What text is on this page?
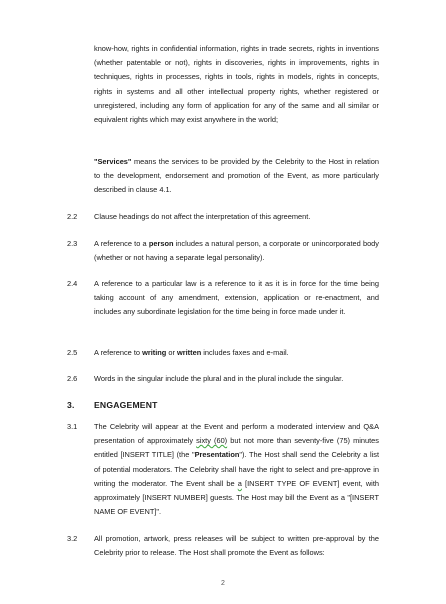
know-how, rights in confidential information, rights in trade secrets, rights in inventions (whether patentable or not), rights in discoveries, rights in improvements, rights in techniques, rights in processes, rights in tools, rights in models, rights in concepts, rights in systems and all other intellectual property rights, whether registered or unregistered, including any form of application for any of the same and all similar or equivalent rights which may exist anywhere in the world;
"Services" means the services to be provided by the Celebrity to the Host in relation to the development, endorsement and promotion of the Event, as more particularly described in clause 4.1.
2.2 Clause headings do not affect the interpretation of this agreement.
2.3 A reference to a person includes a natural person, a corporate or unincorporated body (whether or not having a separate legal personality).
2.4 A reference to a particular law is a reference to it as it is in force for the time being taking account of any amendment, extension, application or re-enactment, and includes any subordinate legislation for the time being in force made under it.
2.5 A reference to writing or written includes faxes and e-mail.
2.6 Words in the singular include the plural and in the plural include the singular.
3. ENGAGEMENT
3.1 The Celebrity will appear at the Event and perform a moderated interview and Q&A presentation of approximately sixty (60) but not more than seventy-five (75) minutes entitled [INSERT TITLE] (the "Presentation"). The Host shall send the Celebrity a list of potential moderators. The Celebrity shall have the right to select and pre-approve in writing the moderator. The Event shall be a [INSERT TYPE OF EVENT] event, with approximately [INSERT NUMBER] guests. The Host may bill the Event as a "[INSERT NAME OF EVENT]".
3.2 All promotion, artwork, press releases will be subject to written pre-approval by the Celebrity prior to release. The Host shall promote the Event as follows:
2
